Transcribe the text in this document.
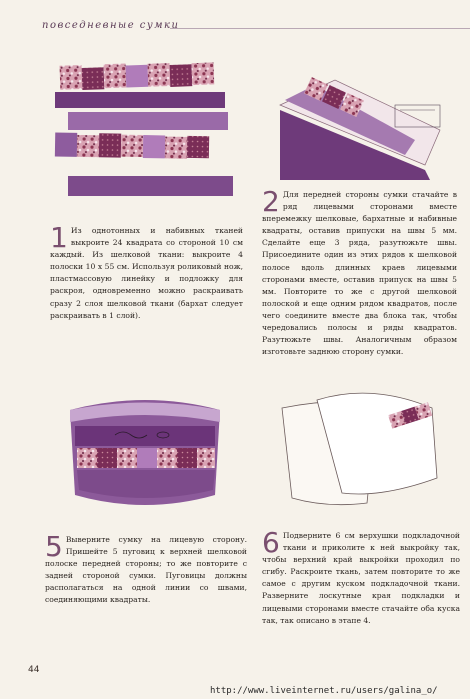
повседневные сумки
1 Из однотонных и набивных тканей выкроите 24 квадрата со стороной 10 см каждый. Из шелковой ткани: выкроите 4 полоски 10 x 55 см. Используя роликовый нож, пластмассовую линейку и подложку для раскроя, одновременно можно раскраивать сразу 2 слоя шелковой ткани (бархат следует раскраивать в 1 слой).
2 Для передней стороны сумки стачайте в ряд лицевыми сторонами вместе вперемежку шелковые, бархатные и набивные квадраты, оставив припуски на швы 5 мм. Сделайте еще 3 ряда, разутюжьте швы. Присоедините один из этих рядов к шелковой полосе вдоль длинных краев лицевыми сторонами вместе, оставив припуск на швы 5 мм. Повторите то же с другой шелковой полоской и еще одним рядом квадратов, после чего соедините вместе два блока так, чтобы чередовались полосы и ряды квадратов. Разутюжьте швы. Аналогичным образом изготовьте заднюю сторону сумки.
5 Выверните сумку на лицевую сторону. Пришейте 5 пуговиц к верхней шелковой полоске передней стороны; то же повторите с задней стороной сумки. Пуговицы должны располагаться на одной линии со швами, соединяющими квадраты.
6 Подверните 6 см верхушки подкладочной ткани и приколите к ней выкройку так, чтобы верхний край выкройки проходил по сгибу. Раскроите ткань, затем повторите то же самое с другим куском подкладочной ткани. Разверните лоскутные края подкладки и лицевыми сторонами вместе стачайте оба куска так, так описано в этапе 4.
44
http://www.liveinternet.ru/users/galina_o/
